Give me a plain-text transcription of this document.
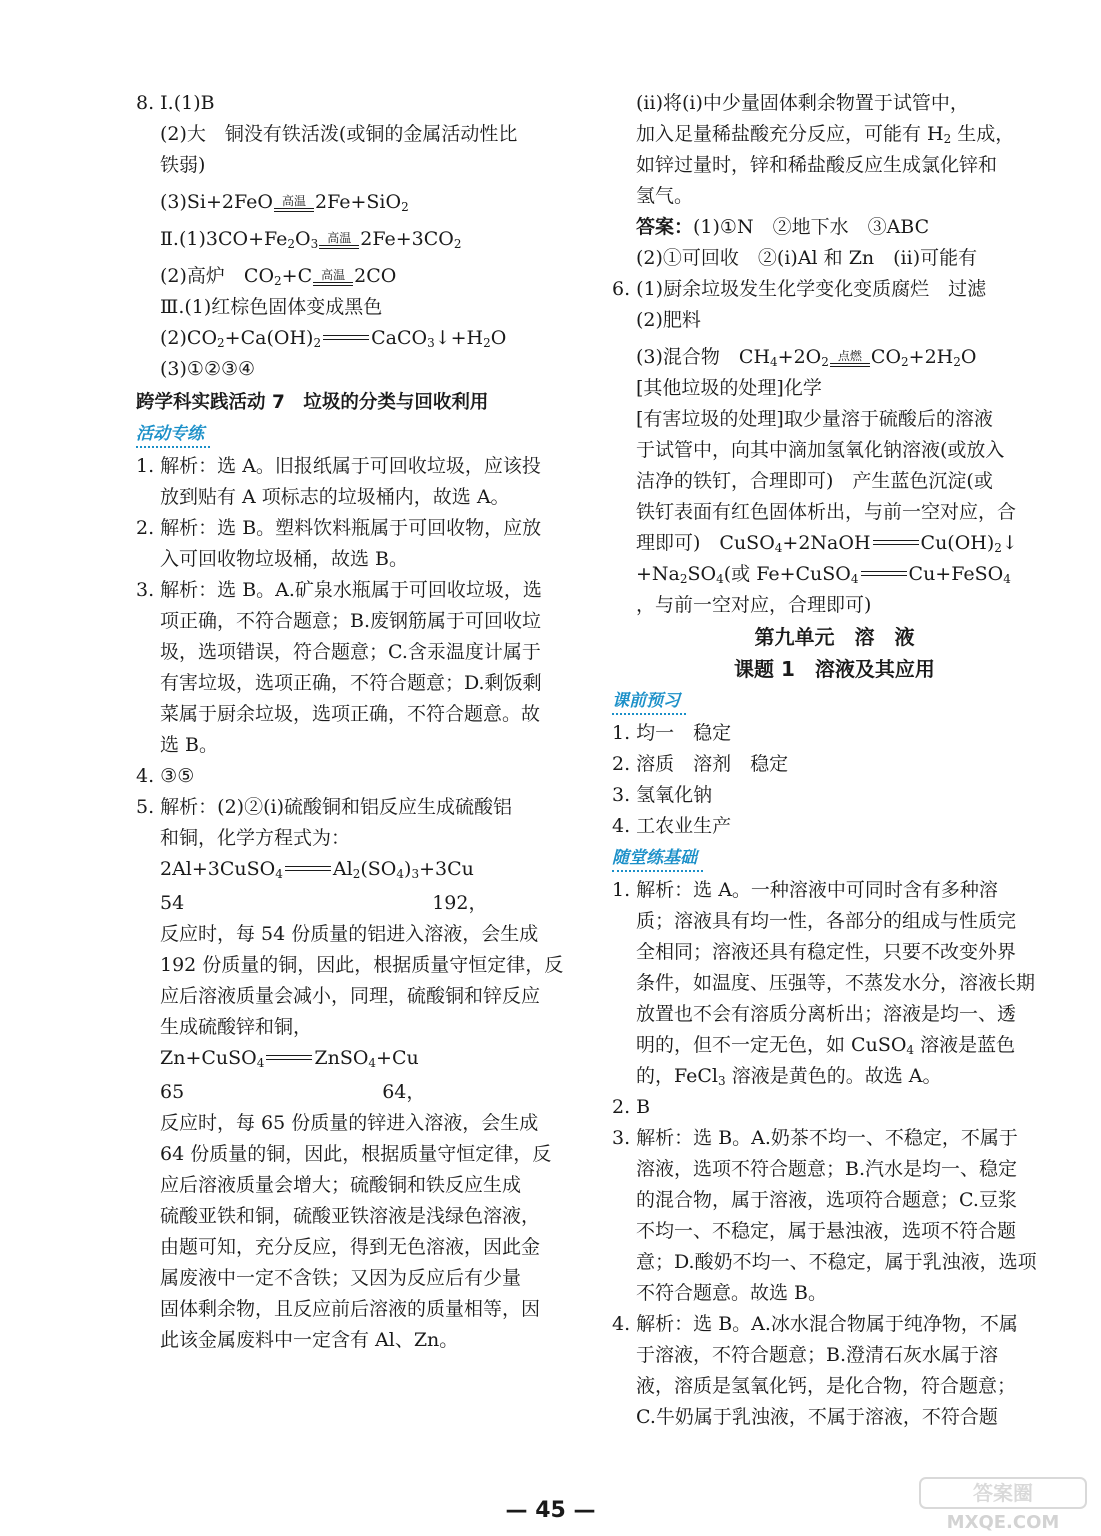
8. Ⅰ.(1)B
(2)大　铜没有铁活泼(或铜的金属活动性比
铁弱)
(3)Si+2FeO 高温 2Fe+SiO$_2$
$Ⅱ.(1)3CO+Fe_2O_3$ 高温 $2Fe+3CO_2$
(2)高炉　$CO_2+C$ 高温 2CO
Ⅲ.(1)红棕色固体变成黑色
$(2)CO_2+Ca(OH)_2$	$CaCO_3↓+H_2O$
(3)①②③④
跨学科实践活动 7　垃圾的分类与回收利用
活动专练
1. 解析：选 A。旧报纸属于可回收垃圾，应该投
放到贴有 A 项标志的垃圾桶内，故选 A。
2. 解析：选 B。塑料饮料瓶属于可回收物，应放
入可回收物垃圾桶，故选 B。
3. 解析：选 B。A.矿泉水瓶属于可回收垃圾，选
项正确，不符合题意；B.废钢筋属于可回收垃
圾，选项错误，符合题意；C.含汞温度计属于
有害垃圾，选项正确，不符合题意；D.剩饭剩
菜属于厨余垃圾，选项正确，不符合题意。故
选 B。
4. ③⑤
5. 解析：(2)②(ⅰ)硫酸铜和铝反应生成硫酸铝
和铜，化学方程式为：
2Al+3CuSO$_4$	$Al_2(SO_4)_3+3Cu$
54	192，
反应时，每 54 份质量的铝进入溶液，会生成
192 份质量的铜，因此，根据质量守恒定律，反
应后溶液质量会减小，同理，硫酸铜和锌反应
生成硫酸锌和铜，
Zn+CuSO$_4$	ZnSO$_4$+Cu
65	64，
反应时，每 65 份质量的锌进入溶液，会生成
64 份质量的铜，因此，根据质量守恒定律，反
应后溶液质量会增大；硫酸铜和铁反应生成
硫酸亚铁和铜，硫酸亚铁溶液是浅绿色溶液，
由题可知，充分反应，得到无色溶液，因此金
属废液中一定不含铁；又因为反应后有少量
固体剩余物，且反应前后溶液的质量相等，因
此该金属废料中一定含有 Al、Zn。
(ⅱ)将(ⅰ)中少量固体剩余物置于试管中，
加入足量稀盐酸充分反应，可能有 $H_2$ 生成，
如锌过量时，锌和稀盐酸反应生成氯化锌和
氢气。
答案：(1)①N　②地下水　③ABC
(2)①可回收　②(ⅰ)Al 和 Zn　(ⅱ)可能有
6. (1)厨余垃圾发生化学变化变质腐烂　过滤
(2)肥料
(3)混合物　$CH_4+2O_2$ 点燃 $CO_2+2H_2O$
[其他垃圾的处理]化学
[有害垃圾的处理]取少量溶于硫酸后的溶液
于试管中，向其中滴加氢氧化钠溶液(或放入
洁净的铁钉，合理即可)　产生蓝色沉淀(或
铁钉表面有红色固体析出，与前一空对应，合
理即可)　CuSO$_4$+2NaOH	$Cu(OH)_2↓$
$+Na_2SO_4$(或 Fe+CuSO$_4$	Cu+FeSO$_4$
，与前一空对应，合理即可)
第九单元　溶　液
课题 1　溶液及其应用
课前预习
1. 均一　稳定
2. 溶质　溶剂　稳定
3. 氢氧化钠
4. 工农业生产
随堂练基础
1. 解析：选 A。一种溶液中可同时含有多种溶
质；溶液具有均一性，各部分的组成与性质完
全相同；溶液还具有稳定性，只要不改变外界
条件，如温度、压强等，不蒸发水分，溶液长期
放置也不会有溶质分离析出；溶液是均一、透
明的，但不一定无色，如 CuSO$_4$ 溶液是蓝色
的，FeCl$_3$ 溶液是黄色的。故选 A。
2. B
3. 解析：选 B。A.奶茶不均一、不稳定，不属于
溶液，选项不符合题意；B.汽水是均一、稳定
的混合物，属于溶液，选项符合题意；C.豆浆
不均一、不稳定，属于悬浊液，选项不符合题
意；D.酸奶不均一、不稳定，属于乳浊液，选项
不符合题意。故选 B。
4. 解析：选 B。A.冰水混合物属于纯净物，不属
于溶液，不符合题意；B.澄清石灰水属于溶
液，溶质是氢氧化钙，是化合物，符合题意；
C.牛奶属于乳浊液，不属于溶液，不符合题
— 45 —
答案圈
MXQE.COM
